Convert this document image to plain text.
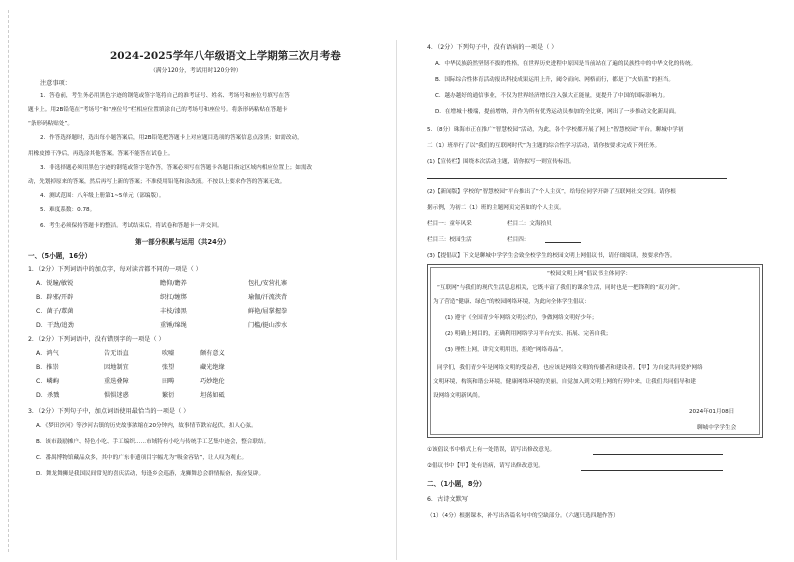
2024-2025学年八年级语文上学期第三次月考卷
（满分120分，考试用时120分钟）
注意事项：
1．答卷前，考生务必用黑色字迹的钢笔或签字笔将自己的准考证号、姓名、考场号和座位号填写在答
题卡上。用2B铅笔在“考场号”和“座位号”栏相应位置填涂自己的考场号和座位号。将条形码粘贴在答题卡
“条形码粘贴处”。
2．作答选择题时，选出每小题答案后，用2B铅笔把答题卡上对应题目选项的答案信息点涂黑；如需改动，
用橡皮擦干净后，再选涂其他答案。答案不能答在试卷上。
3．非选择题必须用黑色字迹的钢笔或签字笔作答，答案必须写在答题卡各题目指定区域内相应位置上；如需改
动，先划掉原来的答案，然后再写上新的答案；不准使用铅笔和涂改液。不按以上要求作答的答案无效。
4．测试范围：八年级上册第1~5单元（部编版）。
5．难度系数：0.78。
6．考生必须保持答题卡的整洁。考试结束后，将试卷和答题卡一并交回。
第一部分积累与运用（共24分）
一、（5小题，16分）
1．（2分）下列词语中的加点字，每对读音都不同的一项是（ ）
A．锐瞳/敏锐	瞻仰/瞻养	包扎/安营扎寨
B．辟邪/开辟	织扛/缠绑	瑜伽/汗流浃背
C．菌子/蕈菌	丰枝/漆黑	鲜艳/屈掌握拳
D．干劲/追劲	重锤/绵绳	门槛/挺山涉水
2．（2分）下列词语中，没有错别字的一项是（ ）
A．鸿气	告无语直	吹嘘	颇有意义
B．推崇	因地制宜	张望	藏光绝缘
C．嶙峋	重迭叠障	田畴	巧妙绝伦
D．杀戮	惧惧迷惑	繁衍	坦荡如砥
3．（2分）下列句子中，加点词语使用最恰当的一项是（ ）
A．《梦田沙河》等沙河古镇的历史故事浓缩在20分钟内，故事情节跌宕起伏，扣人心弦。
B．该市鼓励摊户、特色小吃、手工编织……市域特有小吃与传统手工艺集中迹会，整合联结。
C．番禺博物馆藏品众多，其中的广东非遗项目字幅尤为“吸金容钻”，让人叹为观止。
D．舞龙舞狮是我国民间常见的喜庆活动，每逢乡会巡游，龙狮舞总会群情振奋，振奋复辟。
4．（2分）下列句子中，没有语病的一项是（ ）
A．中华民族蔚然坚韧不拔的性格，在世界历史进程中原因是当前站在了遍的民族性中的中华文化的传统。
B．国际综合性体育活动报出科技成果运用上升，阈令而向、网格而行，都是丁“火焰蓝”的担当。
C．越办越好的通信事业，不仅为世界经济增长注入强大正能量，更提升了中国的国际影响力。
D．在增城十楼端，提前增纳，并作为所有优秀运动员参加的全比赛，网出了一步推动文化新局面。
5．（8分）珠海市正在推广“智慧校园”活动，为此，各个学校都开展了网上“智慧校园”平台。聊城中学初
二（1）班举行了以“我们的互联网时代”为主题的综合性学习活动，请你按要求完成下列任务。
(1)【宣传栏】围绕本次活动主题，请你拟写一则宣传标语。
(2)【新闻版】学校的“智慧校园”平台推出了“个人主页”，给每位同学开辟了互联网社交空间。请你根
据示例，为初二（1）班的主题网页完善如的个人主页。
栏目一：童年风采	栏目二：文海拾贝
栏目三：校园生活	栏目四：
(3)【提倡议】下文是聊城中学学生会致全校学生的校园文明上网倡议书，请仔细阅读，按要求作答。
“校园文明上网”倡议书主体同学：
“互联网”与我们的现代生活息息相关，它既丰富了我们的课余生活，同时也是一把锋利的“双刃剑”。
为了营造“健康、绿色”的校园网络环境，为此向全体学生倡议：
(1) 遵守《全国青少年网络文明公约》，争做网络文明好少年；
(2) 明确上网目的，正确利用网络学习平台充实、拓展、完善自我；
(3) 理性上网，讲究文明用语，拒绝“网络毒品”。
同学们，我们青少年是网络文明的受益者，也应该是网络文明的传播者和建设者。【甲】为自觉共同爱护网络
文明环境，构筑和谐公环境，健康网络环境的美丽，自觉加入到文明上网的行列中来，让我们共同倡导和建
设网络文明新风尚。
2024年01月08日
聊城中学学生会
①该倡议书中格式上有一处错误，请写出修改意见。
②倡议书中【甲】处有语病，请写出修改意见。
二、（1小题，8分）
6．古诗文默写
（1）（4分）根据课本，补写出各篇名句中的空缺部分。（六题只选四题作答）
